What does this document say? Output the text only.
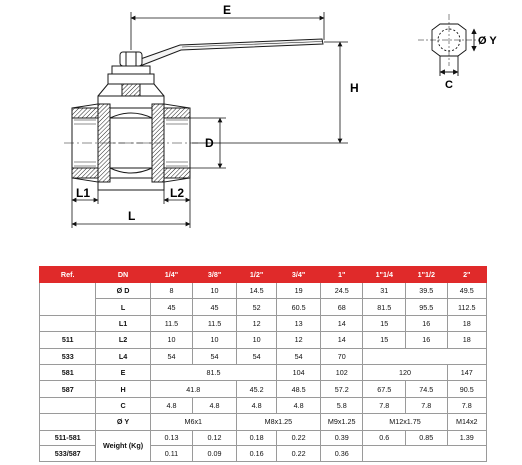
E
H
D
L1	L2
L
Ø Y
C
Ref.	DN	1/4"	3/8"	1/2"	3/4"	1"	1"1/4	1"1/2	2"
	Ø D	8	10	14.5	19	24.5	31	39.5	49.5
	L	45	45	52	60.5	68	81.5	95.5	112.5
	L1	11.5	11.5	12	13	14	15	16	18
511	L2	10	10	10	12	14	15	16	18
533	L4	54	54	54	54	70			
581	E	81.5			104	102	120		147
587	H	41.8		45.2	48.5	57.2	67.5	74.5	90.5
	C	4.8	4.8	4.8	4.8	5.8	7.8	7.8	7.8
	Ø Y	M6x1		M8x1.25		M9x1.25	M12x1.75		M14x2
511-581	Weight (Kg)	0.13	0.12	0.18	0.22	0.39	0.6	0.85	1.39
533/587		0.11	0.09	0.16	0.22	0.36			
